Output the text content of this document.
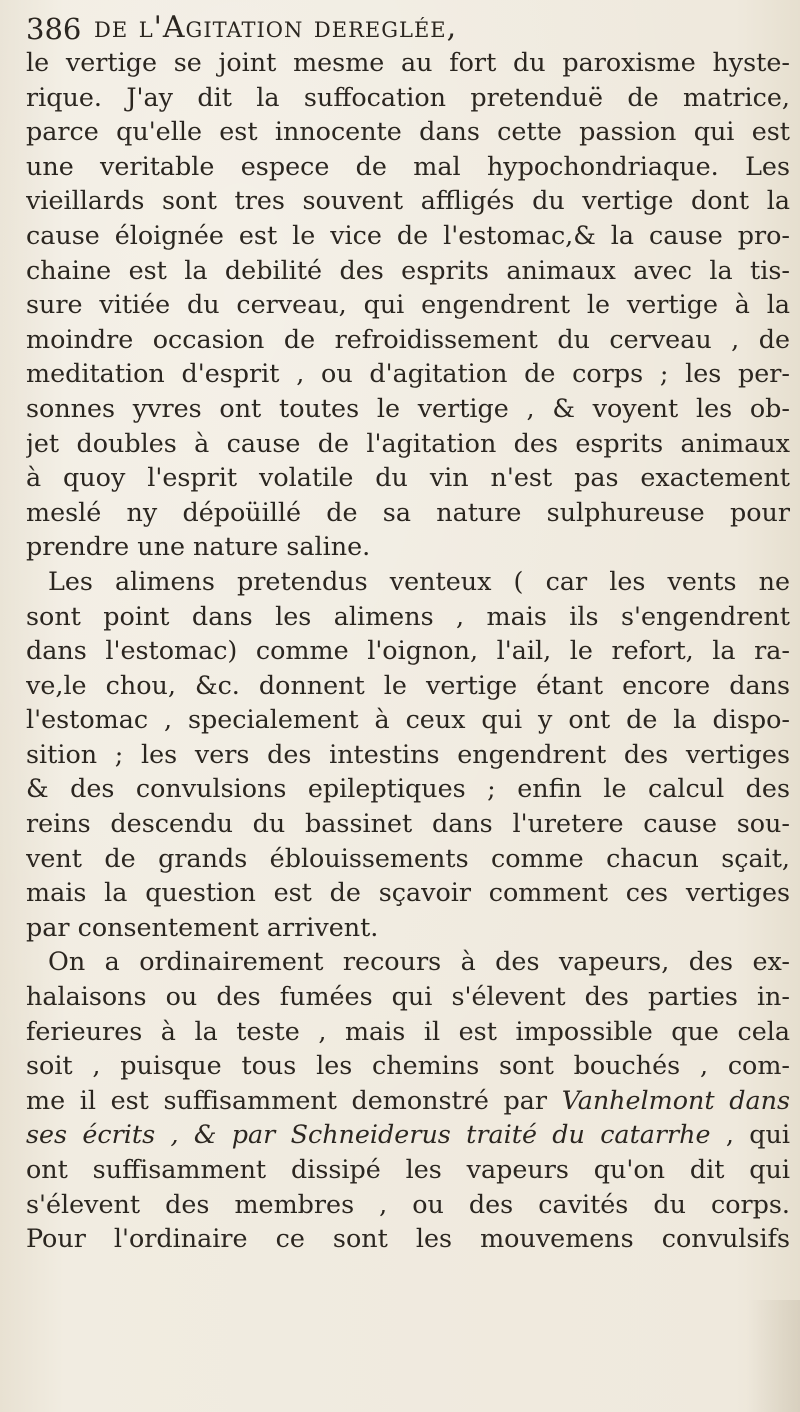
386 de l'Agitation dereglée,
le vertige se joint mesme au fort du paroxisme hyste-
rique. J'ay dit la suffocation pretenduë de matrice,
parce qu'elle est innocente dans cette passion qui est
une veritable espece de mal hypochondriaque. Les
vieillards sont tres souvent affligés du vertige dont la
cause éloignée est le vice de l'estomac,& la cause pro-
chaine est la debilité des esprits animaux avec la tis-
sure vitiée du cerveau, qui engendrent le vertige à la
moindre occasion de refroidissement du cerveau , de
meditation d'esprit , ou d'agitation de corps ; les per-
sonnes yvres ont toutes le vertige , & voyent les ob-
jet doubles à cause de l'agitation des esprits animaux
à quoy l'esprit volatile du vin n'est pas exactement
meslé ny dépoüillé de sa nature sulphureuse pour
prendre une nature saline.
Les alimens pretendus venteux ( car les vents ne
sont point dans les alimens , mais ils s'engendrent
dans l'estomac) comme l'oignon, l'ail, le refort, la ra-
ve,le chou, &c. donnent le vertige étant encore dans
l'estomac , specialement à ceux qui y ont de la dispo-
sition ; les vers des intestins engendrent des vertiges
& des convulsions epileptiques ; enfin le calcul des
reins descendu du bassinet dans l'uretere cause sou-
vent de grands éblouissements comme chacun sçait,
mais la question est de sçavoir comment ces vertiges
par consentement arrivent.
On a ordinairement recours à des vapeurs, des ex-
halaisons ou des fumées qui s'élevent des parties in-
ferieures à la teste , mais il est impossible que cela
soit , puisque tous les chemins sont bouchés , com-
me il est suffisamment demonstré par Vanhelmont dans
ses écrits , & par Schneiderus traité du catarrhe , qui
ont suffisamment dissipé les vapeurs qu'on dit qui
s'élevent des membres , ou des cavités du corps.
Pour l'ordinaire ce sont les mouvemens convulsifs
